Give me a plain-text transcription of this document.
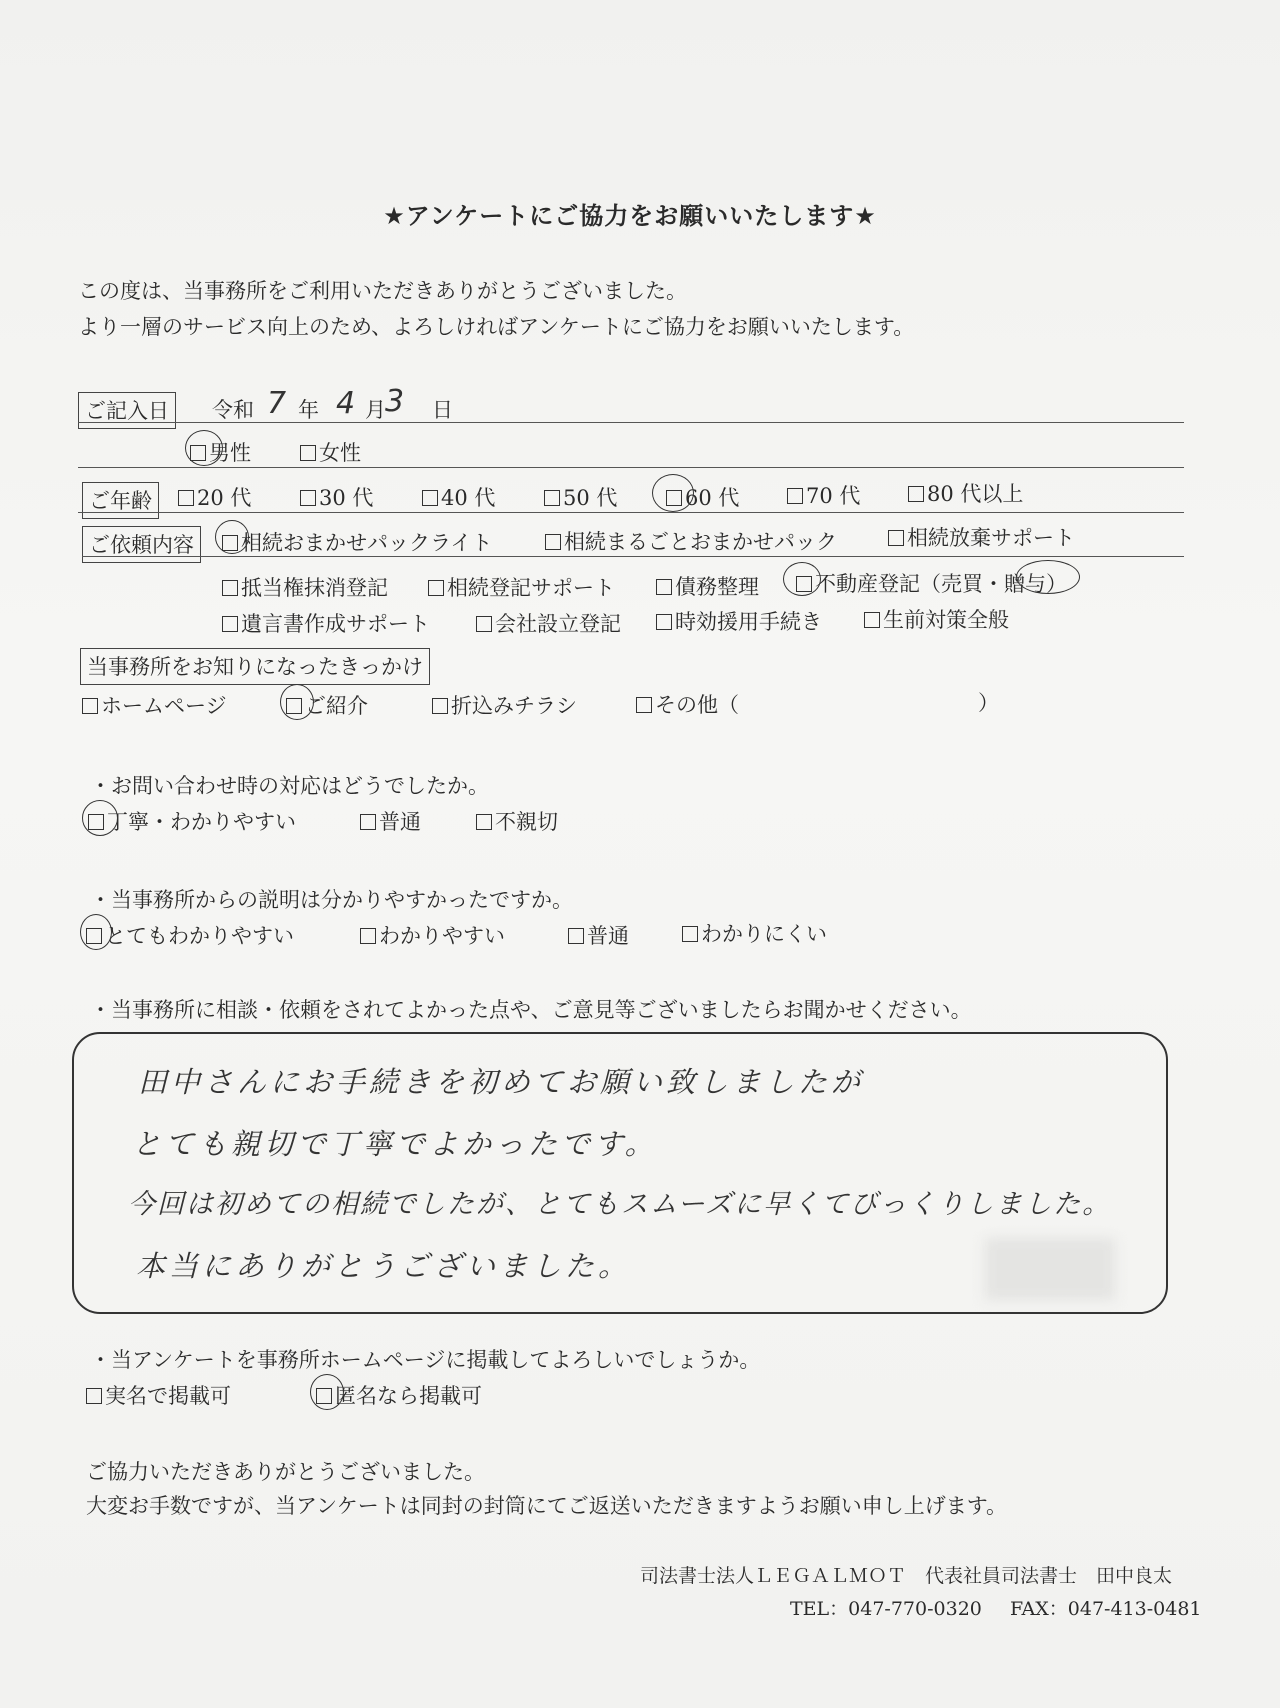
★アンケートにご協力をお願いいたします★
この度は、当事務所をご利用いただきありがとうございました。
より一層のサービス向上のため、よろしければアンケートにご協力をお願いいたします。
ご記入日	令和 7 年 4 月 3 日
男性	女性
ご年齢	20 代	30 代	40 代	50 代	60 代	70 代	80 代以上
ご依頼内容	相続おまかせパックライト	相続まるごとおまかせパック	相続放棄サポート
抵当権抹消登記	相続登記サポート	債務整理	不動産登記（売買・贈与）
遺言書作成サポート	会社設立登記	時効援用手続き	生前対策全般
当事務所をお知りになったきっかけ
ホームページ	ご紹介	折込みチラシ	その他（	）
・お問い合わせ時の対応はどうでしたか。
丁寧・わかりやすい	普通	不親切
・当事務所からの説明は分かりやすかったですか。
とてもわかりやすい	わかりやすい	普通	わかりにくい
・当事務所に相談・依頼をされてよかった点や、ご意見等ございましたらお聞かせください。
田中さんにお手続きを初めてお願い致しましたが
とても親切で丁寧でよかったです。
今回は初めての相続でしたが、とてもスムーズに早くてびっくりしました。
本当にありがとうございました。
・当アンケートを事務所ホームページに掲載してよろしいでしょうか。
実名で掲載可	匿名なら掲載可
ご協力いただきありがとうございました。
大変お手数ですが、当アンケートは同封の封筒にてご返送いただきますようお願い申し上げます。
司法書士法人ＬＥＧＡＬＭＯＴ　代表社員司法書士　田中良太
TEL：047-770-0320 FAX：047-413-0481
